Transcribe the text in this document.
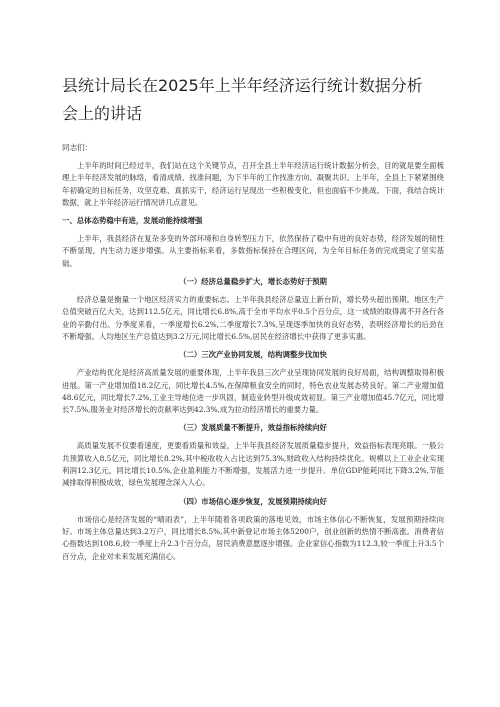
县统计局长在2025年上半年经济运行统计数据分析
会上的讲话
同志们：

上半年的时间已经过半，我们站在这个关键节点，召开全县上半年经济运行统计数据分析会，目的就是要全面梳理上半年经济发展的脉络，看清成绩、找准问题，为下半年的工作找准方向、凝聚共识。上半年，全县上下紧紧围绕年初确定的目标任务，攻坚克难、真抓实干，经济运行呈现出一些积极变化，但也面临不少挑战。下面，我结合统计数据，就上半年经济运行情况讲几点意见。

一、总体态势稳中有进，发展动能持续增强

上半年，我县经济在复杂多变的外部环境和自身转型压力下，依然保持了稳中有进的良好态势，经济发展的韧性不断显现，内生动力逐步增强。从主要指标来看，多数指标保持在合理区间，为全年目标任务的完成奠定了坚实基础。

（一）经济总量稳步扩大，增长态势好于预期

经济总量是衡量一个地区经济实力的重要标志。上半年我县经济总量迈上新台阶，增长势头超出预期。地区生产总值突破百亿大关，达到112.5亿元，同比增长6.8%,高于全市平均水平0.5个百分点，这一成绩的取得离不开各行各业的辛勤付出。分季度来看，一季度增长6.2%,二季度增长7.3%,呈现逐季加快的良好态势，表明经济增长的后劲在不断增强。人均地区生产总值达到3.2万元,同比增长6.5%,居民在经济增长中获得了更多实惠。

（二）三次产业协同发展，结构调整步伐加快

产业结构优化是经济高质量发展的重要体现，上半年我县三次产业呈现协同发展的良好局面，结构调整取得积极进展。第一产业增加值18.2亿元，同比增长4.5%,在保障粮食安全的同时，特色农业发展态势良好。第二产业增加值48.6亿元，同比增长7.2%,工业主导地位进一步巩固，制造业转型升级成效初显。第三产业增加值45.7亿元，同比增长7.5%,服务业对经济增长的贡献率达到42.3%,成为拉动经济增长的重要力量。

（三）发展质量不断提升，效益指标持续向好

高质量发展不仅要看速度，更要看质量和效益，上半年我县经济发展质量稳步提升，效益指标表现亮眼。一般公共预算收入8.5亿元，同比增长8.2%,其中税收收入占比达到75.3%,财政收入结构持续优化。规模以上工业企业实现利润12.3亿元，同比增长10.5%,企业盈利能力不断增强，发展活力进一步提升。单位GDP能耗同比下降3.2%,节能减排取得积极成效，绿色发展理念深入人心。

（四）市场信心逐步恢复，发展预期持续向好

市场信心是经济发展的“晴雨表”，上半年随着各项政策的落地见效，市场主体信心不断恢复，发展预期持续向好。市场主体总量达到3.2万户，同比增长8.5%,其中新登记市场主体5200户，创业创新的热情不断高涨。消费者信心指数达到108.6,较一季度上升2.3个百分点，居民消费意愿逐步增强。企业家信心指数为112.3,较一季度上升3.5个百分点，企业对未来发展充满信心。
